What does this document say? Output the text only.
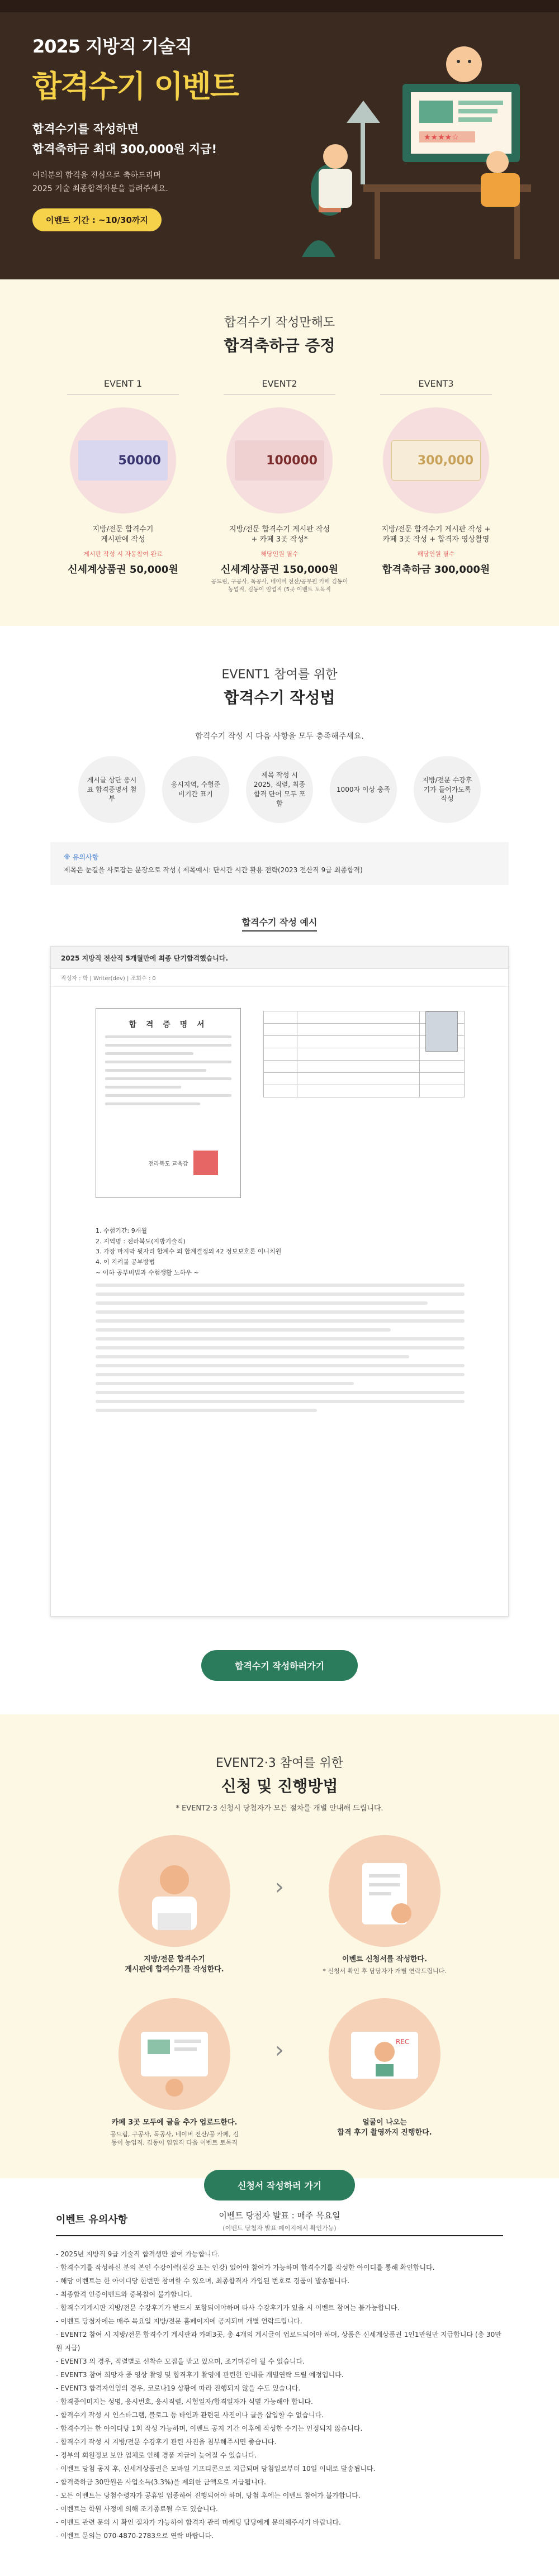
2025 지방직 기술직
합격수기 이벤트
합격수기를 작성하면
합격축하금 최대 300,000원 지급!
여러분의 합격을 진심으로 축하드리며
2025 기술 최종합격자분을 들려주세요.
이벤트 기간 : ~10/30까지
★★★★☆
합격수기 작성만해도
합격축하금 증정
EVENT 1
50000
지방/전문 합격수기
게시판에 작성
게시판 작성 시 자동참여 완료
신세계상품권 50,000원
EVENT2
100000
지방/전문 합격수기 게시판 작성
+ 카페 3곳 작성*
해당인원 필수
신세계상품권 150,000원
공드림, 구공사, 독공사, 네이버 전산/공무원 카페 김동이 농업직, 김동이 임업직 (5곳 이벤트 토목직
EVENT3
300,000
지방/전문 합격수기 게시판 작성 +
카페 3곳 작성 + 합격자 영상촬영
해당인원 필수
합격축하금 300,000원
EVENT1 참여를 위한
합격수기 작성법
합격수기 작성 시 다음 사항을 모두 충족해주세요.
게시글 상단 응시표 합격증명서 첨부
응시지역, 수험준비기간 표기
제목 작성 시 2025, 직렬, 최종합격 단어 모두 포함
1000자 이상 충족
지방/전문 수강후기가 들어가도록 작성
※ 유의사항
제목은 눈길을 사로잡는 문장으로 작성 ( 제목예시: 단시간 시간 활용 전략(2023 전산직 9급 최종합격)
합격수기 작성 예시
2025 지방직 전산직 5개월만에 최종 단기합격했습니다.
작성자 : 학 | Writer(dev) | 조회수 : 0
합 격 증 명 서
전라북도 교육감

1. 수험기간: 9개월
2. 지역명 : 전라북도(지방기술직)
3. 가장 마지막 뒷자리 합계수 외 합계결정의 42 정보보호론 이니치원
4. 이 지켜볼 공부방법
~ 이하 공부비법과 수험생활 노하우 ~
합격수기 작성하러가기
EVENT2·3 참여를 위한
신청 및 진행방법
* EVENT2·3 신청시 당첨자가 모든 절차를 개별 안내해 드립니다.
지방/전문 합격수기
게시판에 합격수기를 작성한다.
›
이벤트 신청서를 작성한다.
* 신청서 확인 후 담당자가 개별 연락드립니다.
카페 3곳 모두에 글을 추가 업로드한다.
공드림, 구공사, 독공사, 네이버 전산/공 카페, 김동이 농업직, 김동이 임업직 다음 이벤트 토목직
›	REC
얼굴이 나오는
합격 후기 촬영까지 진행한다.
신청서 작성하러 가기
이벤트 당첨자 발표 : 매주 목요일
(이벤트 당첨자 발표 페이지에서 확인가능)
이벤트 유의사항
- 2025년 지방직 9급 기술직 합격생만 참여 가능합니다.
- 합격수기를 작성하신 분의 본인 수강이력(실강 또는 인강) 있어야 참여가 가능하며 합격수기를 작성한 아이디를 통해 확인합니다.
- 해당 이벤트는 한 아이디당 한번만 참여할 수 있으며, 최종합격자 가입된 번호로 경품이 발송됩니다.
- 최종합격 인증이벤트와 중복참여 불가합니다.
- 합격수기게시판 지방/전문 수강후기가 반드시 포함되어야하며 타사 수강후기가 있을 시 이벤트 참여는 불가능합니다.
- 이벤트 당첨자에는 매주 목요일 지방/전문 홈페이지에 공지되며 개별 연락드립니다.
- EVENT2 참여 시 지방/전문 합격수기 게시판과 카페3곳, 총 4개의 게시글이 업로드되어야 하며, 상품은 신세계상품권 1인1만원만 지급합니다 (총 30만원 지급)
- EVENT3 의 경우, 직렬별로 선착순 모집을 받고 있으며, 조기마감이 될 수 있습니다.
- EVENT3 참여 희망자 중 영상 촬영 및 합격후기 촬영에 관련한 안내를 개별연락 드릴 예정입니다.
- EVENT3 합격자인임의 경우, 코로나19 상황에 따라 진행되지 않을 수도 있습니다.
- 합격증이미지는 성명, 응시번호, 응시직렬, 시험일자/합격일자가 식별 가능해야 합니다.
- 합격수기 작성 시 인스타그램, 블로그 등 타인과 관련된 사진이나 글을 삽입할 수 없습니다.
- 합격수기는 한 아이디당 1회 작성 가능하며, 이벤트 공지 기간 이후에 작성한 수기는 인정되지 않습니다.
- 합격수기 작성 시 지방/전문 수강후기 관련 사진을 첨부해주시면 좋습니다.
- 정부의 회원정보 보안 업체로 인해 경품 지급이 늦어질 수 있습니다.
- 이벤트 당첨 공지 후, 신세계상품권은 모바일 기프티콘으로 지급되며 당첨일로부터 10일 이내로 발송됩니다.
- 합격축하금 30만원은 사업소득(3.3%)을 제외한 금액으로 지급됩니다.
- 모든 이벤트는 당첨수령자가 공휴일 업종하여 진행되어야 하며, 당첨 후에는 이벤트 참여가 불가합니다.
- 이벤트는 학원 사정에 의해 조기종료될 수도 있습니다.
- 이벤트 관련 문의 시 확인 절차가 가능하여 합격자 관리 마케팅 담당에게 문의해주시기 바랍니다.
- 이벤트 문의는 070-4870-2783으로 연락 바랍니다.
